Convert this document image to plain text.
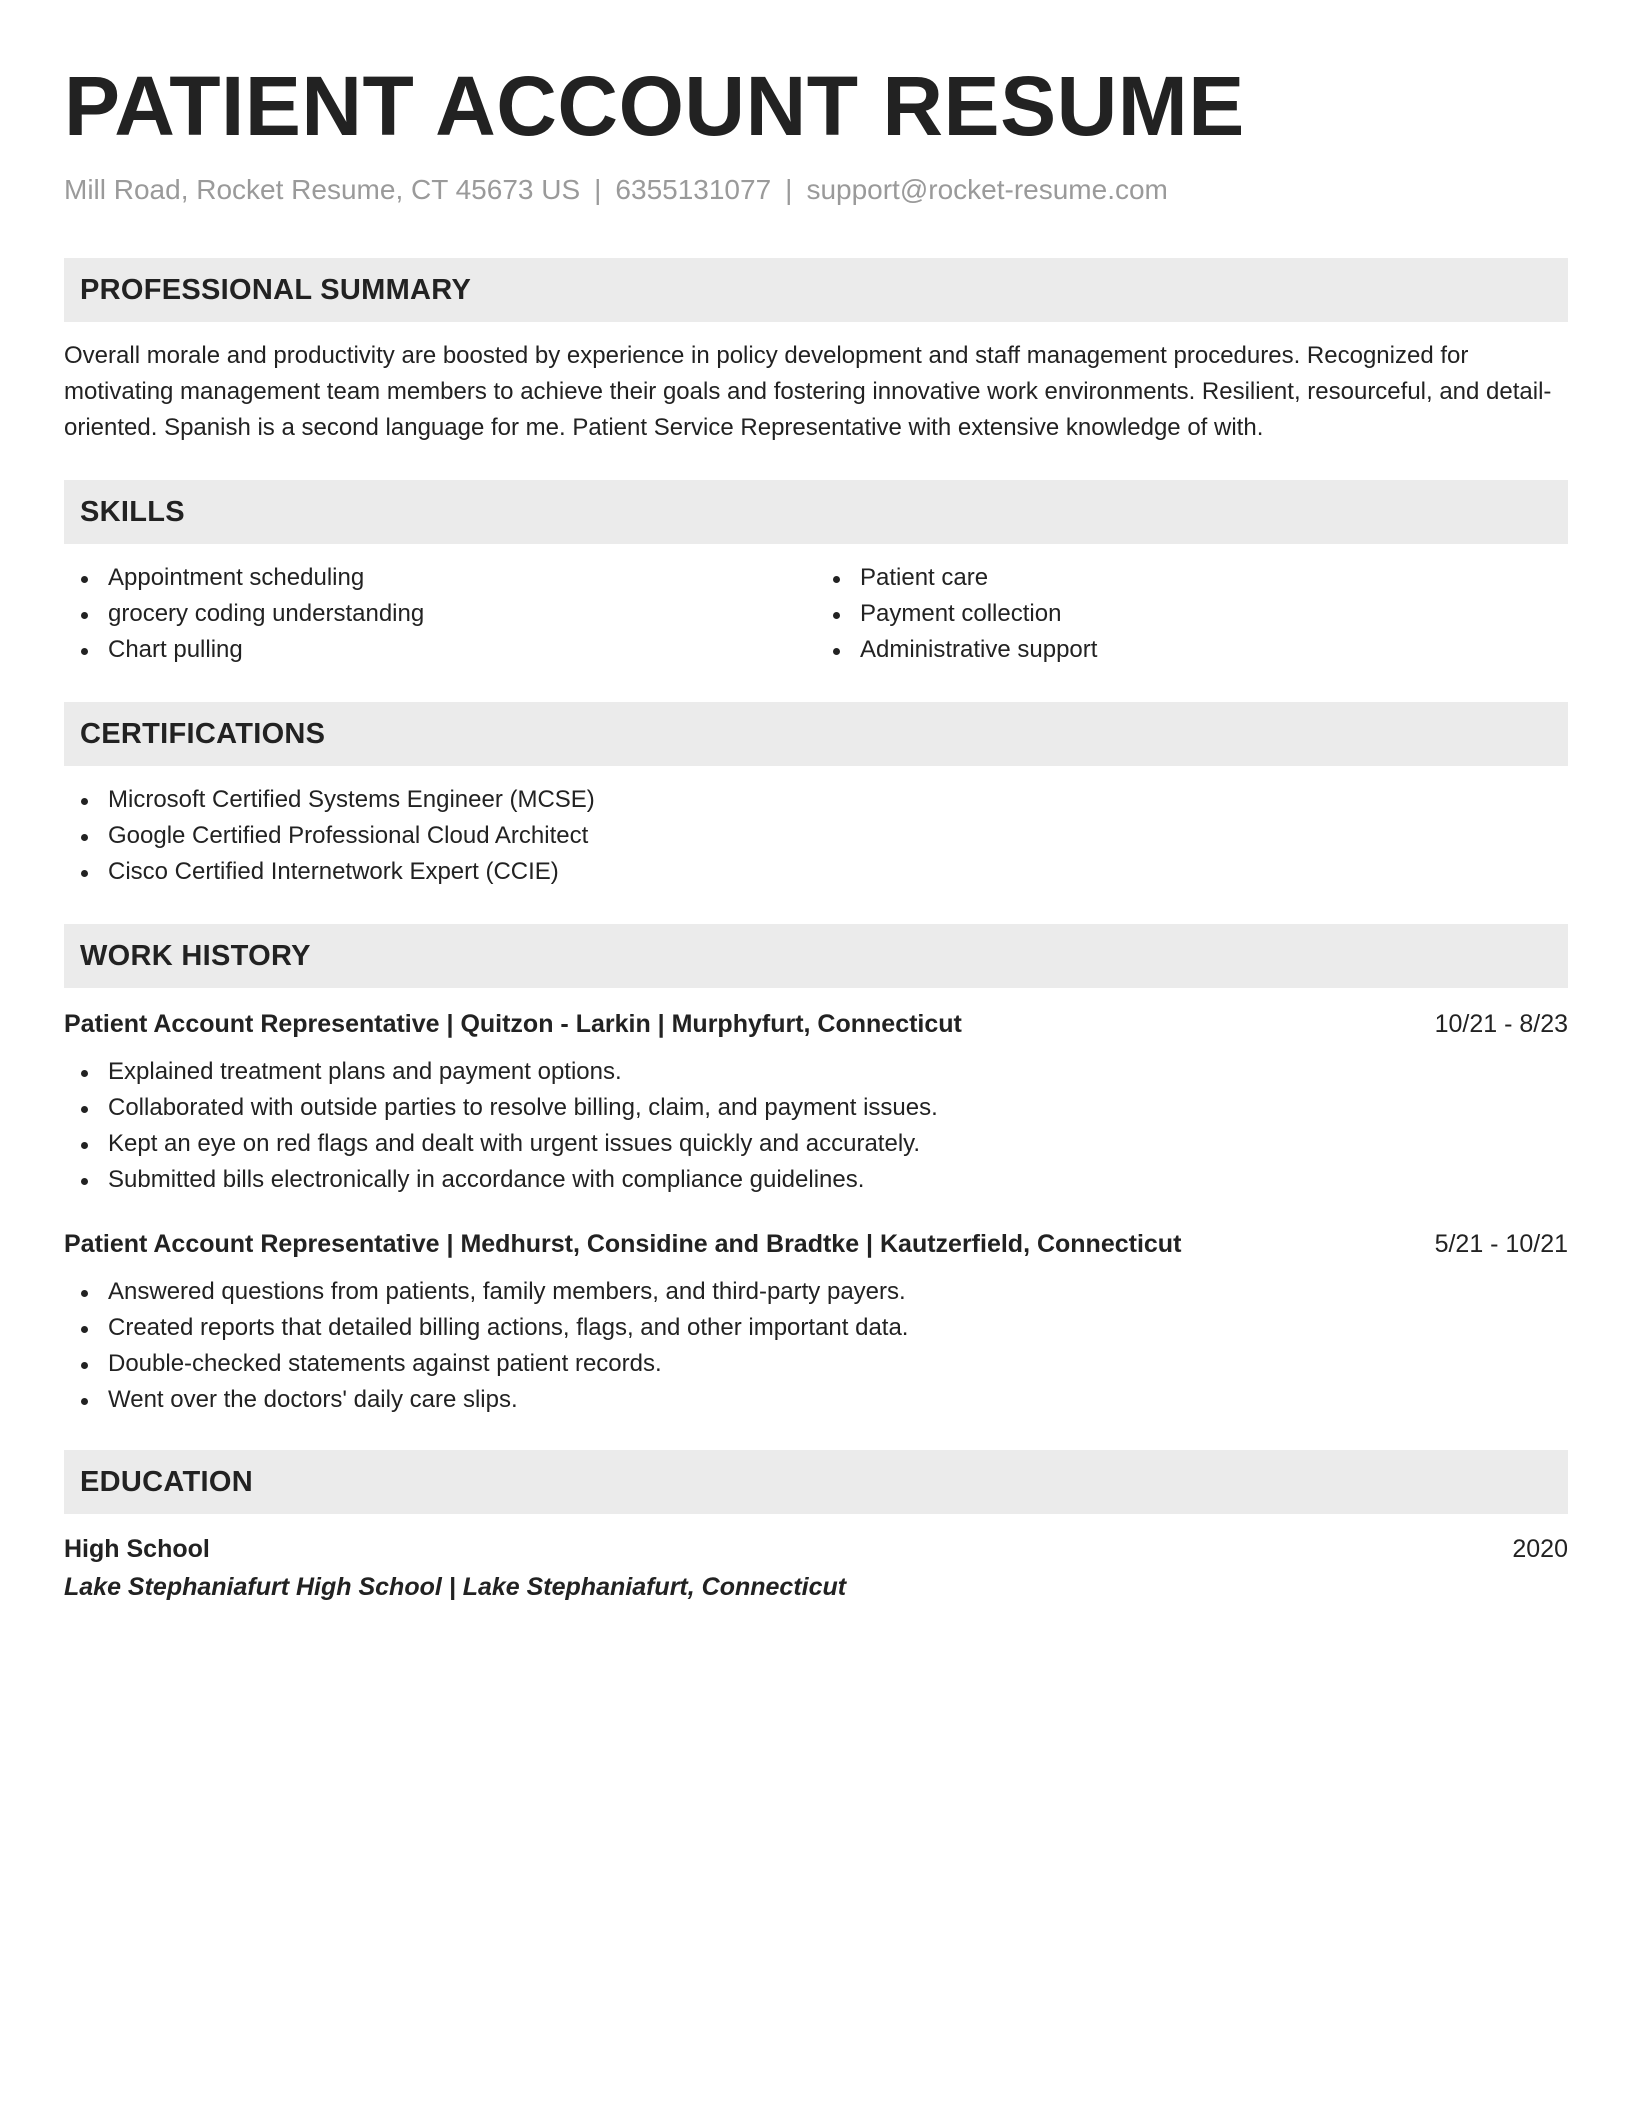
PATIENT ACCOUNT RESUME
Mill Road, Rocket Resume, CT 45673 US | 6355131077 | support@rocket-resume.com
PROFESSIONAL SUMMARY

Overall morale and productivity are boosted by experience in policy development and staff management procedures. Recognized for motivating management team members to achieve their goals and fostering innovative work environments. Resilient, resourceful, and detail-oriented. Spanish is a second language for me. Patient Service Representative with extensive knowledge of with.

SKILLS
Appointment scheduling
grocery coding understanding
Chart pulling
Patient care
Payment collection
Administrative support
CERTIFICATIONS
Microsoft Certified Systems Engineer (MCSE)
Google Certified Professional Cloud Architect
Cisco Certified Internetwork Expert (CCIE)
WORK HISTORY
Patient Account Representative | Quitzon - Larkin | Murphyfurt, Connecticut	10/21 - 8/23
Explained treatment plans and payment options.
Collaborated with outside parties to resolve billing, claim, and payment issues.
Kept an eye on red flags and dealt with urgent issues quickly and accurately.
Submitted bills electronically in accordance with compliance guidelines.
Patient Account Representative | Medhurst, Considine and Bradtke | Kautzerfield, Connecticut	5/21 - 10/21
Answered questions from patients, family members, and third-party payers.
Created reports that detailed billing actions, flags, and other important data.
Double-checked statements against patient records.
Went over the doctors' daily care slips.
EDUCATION
High School	2020
Lake Stephaniafurt High School | Lake Stephaniafurt, Connecticut
